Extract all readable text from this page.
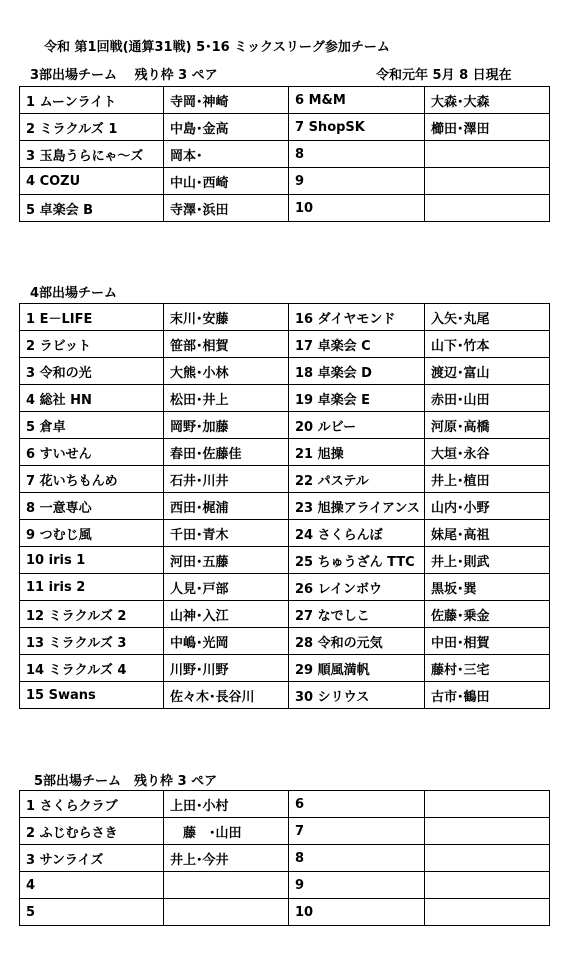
令和 第1回戦(通算31戦) 5･16 ミックスリーグ参加チーム
3部出場チーム　 残り枠 3 ペア	令和元年 5月 8 日現在
1 ムーンライト	寺岡･神崎	6 M&M	大森･大森
2 ミラクルズ 1	中島･金高	7 ShopSK	櫛田･澤田
3 玉島うらにゃ～ズ	岡本･	8	
4 COZU	中山･西崎	9	
5 卓楽会 B	寺澤･浜田	10	
4部出場チーム
1 E－LIFE	末川･安藤	16 ダイヤモンド	入矢･丸尾
2 ラビット	笹部･相賀	17 卓楽会 C	山下･竹本
3 令和の光	大熊･小林	18 卓楽会 D	渡辺･富山
4 総社 HN	松田･井上	19 卓楽会 E	赤田･山田
5 倉卓	岡野･加藤	20 ルビー	河原･高橋
6 すいせん	春田･佐藤佳	21 旭操	大垣･永谷
7 花いちもんめ	石井･川井	22 パステル	井上･植田
8 一意専心	西田･梶浦	23 旭操アライアンス	山内･小野
9 つむじ風	千田･青木	24 さくらんぼ	妹尾･高祖
10 iris 1	河田･五藤	25 ちゅうざん TTC	井上･則武
11 iris 2	人見･戸部	26 レインボウ	黒坂･巽
12 ミラクルズ 2	山神･入江	27 なでしこ	佐藤･乗金
13 ミラクルズ 3	中嶋･光岡	28 令和の元気	中田･相賀
14 ミラクルズ 4	川野･川野	29 順風満帆	藤村･三宅
15 Swans	佐々木･長谷川	30 シリウス	古市･鶴田
5部出場チーム　残り枠 3 ペア
1 さくらクラブ	上田･小村	6	
2 ふじむらさき	　藤　･山田	7	
3 サンライズ	井上･今井	8	
4		9	
5		10	
